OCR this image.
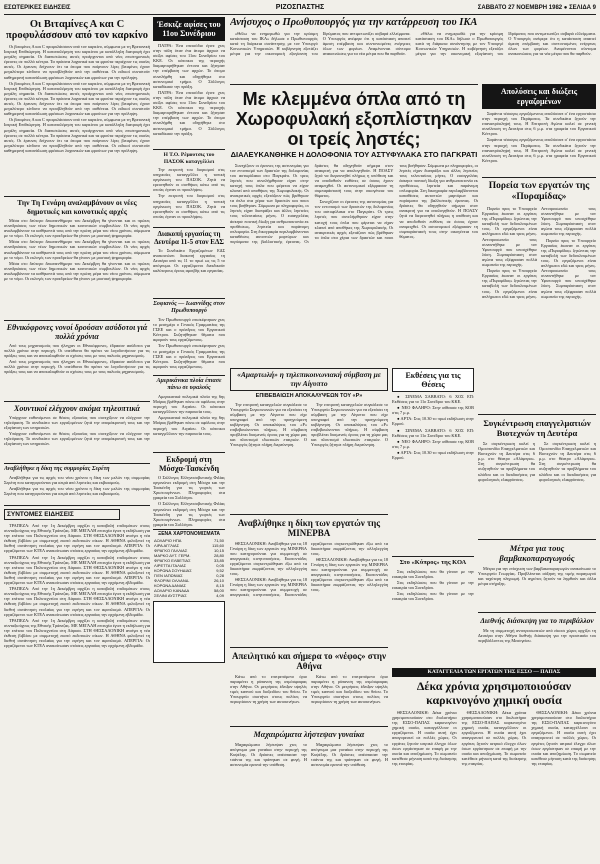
ΕΣΩΤΕΡΙΚΕΣ ΕΙΔΗΣΕΙΣ	ΡΙΖΟΣΠΑΣΤΗΣ	ΣΑΒΒΑΤΟ 27 ΝΟΕΜΒΡΗ 1982 ● ΣΕΛΙΔΑ 9
Οι Βιταμίνες Α και C προφυλάσσουν από τον καρκίνο

Οι βιταμίνες Α και C προφυλάσσουν από τον καρκίνο, σύμφωνα με τη Βρετανική Ιατρική Επιθεώρηση. Η καταπολέμηση του καρκίνου με κατάλληλη διατροφή έχει μεγάλη σημασία. Οι διαπιστώσεις αυτές προέρχονται από νέες επιστημονικές έρευνες σε πολλά κέντρα. Τα πράσινα λαχανικά και τα φρούτα περιέχουν τις ουσίες αυτές. Οι έρευνες δείχνουν ότι τα άτομα που παίρνουν λίγες βιταμίνες έχουν μεγαλύτερο κίνδυνο να προσβληθούν από την ασθένεια. Οι ειδικοί συνιστούν καθημερινή κατανάλωση φρέσκων λαχανικών και φρούτων για την πρόληψη.

Οι βιταμίνες Α και C προφυλάσσουν από τον καρκίνο, σύμφωνα με τη Βρετανική Ιατρική Επιθεώρηση. Η καταπολέμηση του καρκίνου με κατάλληλη διατροφή έχει μεγάλη σημασία. Οι διαπιστώσεις αυτές προέρχονται από νέες επιστημονικές έρευνες σε πολλά κέντρα. Τα πράσινα λαχανικά και τα φρούτα περιέχουν τις ουσίες αυτές. Οι έρευνες δείχνουν ότι τα άτομα που παίρνουν λίγες βιταμίνες έχουν μεγαλύτερο κίνδυνο να προσβληθούν από την ασθένεια. Οι ειδικοί συνιστούν καθημερινή κατανάλωση φρέσκων λαχανικών και φρούτων για την πρόληψη.

Οι βιταμίνες Α και C προφυλάσσουν από τον καρκίνο, σύμφωνα με τη Βρετανική Ιατρική Επιθεώρηση. Η καταπολέμηση του καρκίνου με κατάλληλη διατροφή έχει μεγάλη σημασία. Οι διαπιστώσεις αυτές προέρχονται από νέες επιστημονικές έρευνες σε πολλά κέντρα. Τα πράσινα λαχανικά και τα φρούτα περιέχουν τις ουσίες αυτές. Οι έρευνες δείχνουν ότι τα άτομα που παίρνουν λίγες βιταμίνες έχουν μεγαλύτερο κίνδυνο να προσβληθούν από την ασθένεια. Οι ειδικοί συνιστούν καθημερινή κατανάλωση φρέσκων λαχανικών και φρούτων για την πρόληψη.

Την Τη Γενάρη αναλαμβάνουν οι νέες δημοτικές και κοινοτικές αρχές

Μέσα στο δεύτερο δεκαπενθήμερο του Δεκέμβρη θα γίνονται και οι πρώτες συνεδριάσεις των νέων δημοτικών και κοινοτικών συμβουλίων. Οι νέες αρχές αναλαμβάνουν τα καθήκοντά τους από την πρώτη μέρα του νέου χρόνου, σύμφωνα με το νόμο. Οι εκλογές των προεδρείων θα γίνουν με μυστική ψηφοφορία.

Μέσα στο δεύτερο δεκαπενθήμερο του Δεκέμβρη θα γίνονται και οι πρώτες συνεδριάσεις των νέων δημοτικών και κοινοτικών συμβουλίων. Οι νέες αρχές αναλαμβάνουν τα καθήκοντά τους από την πρώτη μέρα του νέου χρόνου, σύμφωνα με το νόμο. Οι εκλογές των προεδρείων θα γίνουν με μυστική ψηφοφορία.

Μέσα στο δεύτερο δεκαπενθήμερο του Δεκέμβρη θα γίνονται και οι πρώτες συνεδριάσεις των νέων δημοτικών και κοινοτικών συμβουλίων. Οι νέες αρχές αναλαμβάνουν τα καθήκοντά τους από την πρώτη μέρα του νέου χρόνου, σύμφωνα με το νόμο. Οι εκλογές των προεδρείων θα γίνουν με μυστική ψηφοφορία.

Εθνικόφρονες νονοί δρούσαν ασύδοτοι γιά πολλά χρόνια

Από τους μηχανισμούς που ήλεγχαν οι Εθνικόφρονες, έδρασαν ασύδοτοι για πολλά χρόνια στην περιοχή. Οι υπεύθυνοι θα πρέπει να λογοδοτήσουν για τις πράξεις τους και να αποκαλυφθούν οι σχέσεις τους με τους παλιούς μηχανισμούς.

Από τους μηχανισμούς που ήλεγχαν οι Εθνικόφρονες, έδρασαν ασύδοτοι για πολλά χρόνια στην περιοχή. Οι υπεύθυνοι θα πρέπει να λογοδοτήσουν για τις πράξεις τους και να αποκαλυφθούν οι σχέσεις τους με τους παλιούς μηχανισμούς.

Χουντικοί ελέγχουν ακόμα τηλεοπτικά

Υπάρχουν ευθυνόμενοι σε θέσεις εξουσίας που συνεχίζουν να ελέγχουν την τηλεόραση. Το συνδικάτο των εργαζομένων ζητά την απομάκρυνσή τους και την εξυγίανση των υπηρεσιών.

Υπάρχουν ευθυνόμενοι σε θέσεις εξουσίας που συνεχίζουν να ελέγχουν την τηλεόραση. Το συνδικάτο των εργαζομένων ζητά την απομάκρυνσή τους και την εξυγίανση των υπηρεσιών.

Αναβλήθηκε η δίκη της συμμορίας Σερέτη

Αναβλήθηκε για τις αρχές του νέου χρόνου η δίκη των μελών της συμμορίας Σερέτη που κατηγορούνται για σειρά από ληστείες και εκβιασμούς.

Αναβλήθηκε για τις αρχές του νέου χρόνου η δίκη των μελών της συμμορίας Σερέτη που κατηγορούνται για σειρά από ληστείες και εκβιασμούς.

ΣΥΝΤΟΜΕΣ ΕΙΔΗΣΕΙΣ

ΤΡΑΠΕΖΑ: Από την 1η Δεκέμβρη αρχίζει η καταβολή επιδομάτων στους συνταξιούχους της Εθνικής Τράπεζας. ΜΕ ΜΕΓΑΛΗ επιτυχία έγινε η εκδήλωση για την επέτειο του Πολυτεχνείου στη Λάρισα. ΣΤΗ ΘΕΣΣΑΛΟΝΙΚΗ ανοίγει η νέα έκθεση βιβλίου με συμμετοχή εκατό εκδοτικών οίκων. Η ΑΘΗΝΑ φιλοξενεί τη διεθνή συνάντηση νεολαίας για την ειρήνη και τον αφοπλισμό. ΑΠΕΡΓΙΑ: Οι εργαζόμενοι των ΚΤΕΛ ανακοίνωσαν στάσεις εργασίας την ερχόμενη εβδομάδα.

ΤΡΑΠΕΖΑ: Από την 1η Δεκέμβρη αρχίζει η καταβολή επιδομάτων στους συνταξιούχους της Εθνικής Τράπεζας. ΜΕ ΜΕΓΑΛΗ επιτυχία έγινε η εκδήλωση για την επέτειο του Πολυτεχνείου στη Λάρισα. ΣΤΗ ΘΕΣΣΑΛΟΝΙΚΗ ανοίγει η νέα έκθεση βιβλίου με συμμετοχή εκατό εκδοτικών οίκων. Η ΑΘΗΝΑ φιλοξενεί τη διεθνή συνάντηση νεολαίας για την ειρήνη και τον αφοπλισμό. ΑΠΕΡΓΙΑ: Οι εργαζόμενοι των ΚΤΕΛ ανακοίνωσαν στάσεις εργασίας την ερχόμενη εβδομάδα.

ΤΡΑΠΕΖΑ: Από την 1η Δεκέμβρη αρχίζει η καταβολή επιδομάτων στους συνταξιούχους της Εθνικής Τράπεζας. ΜΕ ΜΕΓΑΛΗ επιτυχία έγινε η εκδήλωση για την επέτειο του Πολυτεχνείου στη Λάρισα. ΣΤΗ ΘΕΣΣΑΛΟΝΙΚΗ ανοίγει η νέα έκθεση βιβλίου με συμμετοχή εκατό εκδοτικών οίκων. Η ΑΘΗΝΑ φιλοξενεί τη διεθνή συνάντηση νεολαίας για την ειρήνη και τον αφοπλισμό. ΑΠΕΡΓΙΑ: Οι εργαζόμενοι των ΚΤΕΛ ανακοίνωσαν στάσεις εργασίας την ερχόμενη εβδομάδα.

ΤΡΑΠΕΖΑ: Από την 1η Δεκέμβρη αρχίζει η καταβολή επιδομάτων στους συνταξιούχους της Εθνικής Τράπεζας. ΜΕ ΜΕΓΑΛΗ επιτυχία έγινε η εκδήλωση για την επέτειο του Πολυτεχνείου στη Λάρισα. ΣΤΗ ΘΕΣΣΑΛΟΝΙΚΗ ανοίγει η νέα έκθεση βιβλίου με συμμετοχή εκατό εκδοτικών οίκων. Η ΑΘΗΝΑ φιλοξενεί τη διεθνή συνάντηση νεολαίας για την ειρήνη και τον αφοπλισμό. ΑΠΕΡΓΙΑ: Οι εργαζόμενοι των ΚΤΕΛ ανακοίνωσαν στάσεις εργασίας την ερχόμενη εβδομάδα.

Έσκιζε αφίσες του 11ου Συνέδριου

ΠΑΤΡΑ: Ένα επεισόδιο έγινε χτες στην πόλη όταν ένα άτομο άρχισε να σκίζει αφίσες του 11ου Συνεδρίου του ΚΚΕ. Οι κάτοικοι της περιοχής διαμαρτυρήθηκαν έντονα και ζήτησαν την επέμβαση των αρχών. Το άτομο συνελήφθη και οδηγήθηκε στο αστυνομικό τμήμα. Ο Σύλλογος καταδίκασε την πράξη.

ΠΑΤΡΑ: Ένα επεισόδιο έγινε χτες στην πόλη όταν ένα άτομο άρχισε να σκίζει αφίσες του 11ου Συνεδρίου του ΚΚΕ. Οι κάτοικοι της περιοχής διαμαρτυρήθηκαν έντονα και ζήτησαν την επέμβαση των αρχών. Το άτομο συνελήφθη και οδηγήθηκε στο αστυνομικό τμήμα. Ο Σύλλογος καταδίκασε την πράξη.

Η Τ.Ο. Ρέμουτσις του ΠΑΣΟΚ καταγγέλλει

Την εκτροπή του διορισμού στις υπηρεσίες καταγγέλλει η τοπική οργάνωση του ΠΑΣΟΚ. Ζητά να ερευνηθούν οι συνθήκες κάτω από τις οποίες έγιναν οι προσλήψεις.

Την εκτροπή του διορισμού στις υπηρεσίες καταγγέλλει η τοπική οργάνωση του ΠΑΣΟΚ. Ζητά να ερευνηθούν οι συνθήκες κάτω από τις οποίες έγιναν οι προσλήψεις.

Διακοπή εργασίας τη Δευτέρα 11-5 στον ΕΔΣ

Το Συνδικάτο Εργαζομένων ΕΔΣ ανακοινώνει διακοπή εργασίας τη Δευτέρα από τις 11 το πρωί ως τις 5 το απόγευμα. Οι εργαζόμενοι διεκδικούν καλύτερους όρους αμοιβής και εργασίας.

Σοφιανός — Ιωαννίδης στον Πρωθυπουργό

Τον Πρωθυπουργό επισκέφτηκαν χτες το μεσημέρι ο Γενικός Γραμματέας της ΓΣΕΕ και ο πρόεδρος του Εργατικού Κέντρου. Συζητήθηκαν θέματα που αφορούν τους εργαζόμενους.

Τον Πρωθυπουργό επισκέφτηκαν χτες το μεσημέρι ο Γενικός Γραμματέας της ΓΣΕΕ και ο πρόεδρος του Εργατικού Κέντρου. Συζητήθηκαν θέματα που αφορούν τους εργαζόμενους.

Αμερικάνικα πλοία έπιασε πάνω σε υφαλούς

Αμερικανικά πολεμικά πλοία της 6ης Μοίρας βρέθηκαν πάνω σε υφάλους στην περιοχή του Αιγαίου. Οι κάτοικοι καταγγέλλουν την παρουσία τους.

Αμερικανικά πολεμικά πλοία της 6ης Μοίρας βρέθηκαν πάνω σε υφάλους στην περιοχή του Αιγαίου. Οι κάτοικοι καταγγέλλουν την παρουσία τους.

Εκδρομή στη Μόσχα-Τασκένδη

Ο Σύλλογος Ελληνοσοβιετικής Φιλίας οργανώνει εκδρομή στη Μόσχα και την Τασκένδη για τις γιορτές των Χριστουγέννων. Πληροφορίες στα γραφεία του Συλλόγου.

Ο Σύλλογος Ελληνοσοβιετικής Φιλίας οργανώνει εκδρομή στη Μόσχα και την Τασκένδη για τις γιορτές των Χριστουγέννων. Πληροφορίες στα γραφεία του Συλλόγου.

ΞΕΝΑ ΧΑΡΤΟΝΟΜΙΣΜΑΤΑ
ΔΟΛΑΡΙΟ ΗΠΑ	71,50
ΛΙΡΑ ΑΓΓΛΙΑΣ	115,60
ΦΡΑΓΚΟ ΓΑΛΛΙΑΣ	10,15
ΜΑΡΚΟ ΔΥΤ. ΓΕΡΜ.	28,80
ΦΡΑΓΚΟ ΕΛΒΕΤΙΑΣ	33,85
ΛΙΡΕΤΤΑ ΙΤΑΛΙΑΣ	0,05
ΚΟΡΩΝΑ ΣΟΥΗΔΙΑΣ	9,52
ΓΙΕΝ ΙΑΠΩΝΙΑΣ	0,28
ΦΛΟΡΙΝΙ ΟΛΛΑΝΔ.	26,10
ΚΟΡΩΝΑ ΔΑΝΙΑΣ	8,15
ΔΟΛΑΡΙΟ ΚΑΝΑΔΑ	58,00
ΣΕΛΙΝΙ ΑΥΣΤΡΙΑΣ	4,09
Ανήσυχος ο Πρωθυπουργός για την κατάρρευση του ΙΚΑ

«Θέλω να ενημερωθώ για την κρίσιμη κατάσταση του ΙΚΑ» δήλωσε ο Πρωθυπουργός κατά τη διάρκεια συνάντησης με τον Υπουργό Κοινωνικών Υπηρεσιών. Η κυβέρνηση εξετάζει μέτρα για την οικονομική εξυγίανση του Ιδρύματος που αντιμετωπίζει σοβαρά ελλείμματα. Ο Υπουργός ανέφερε ότι η κατάσταση απαιτεί άμεση επέμβαση και συντονισμένες ενέργειες όλων των φορέων. Αναμένονται σύντομα ανακοινώσεις για τα νέα μέτρα που θα παρθούν.

«Θέλω να ενημερωθώ για την κρίσιμη κατάσταση του ΙΚΑ» δήλωσε ο Πρωθυπουργός κατά τη διάρκεια συνάντησης με τον Υπουργό Κοινωνικών Υπηρεσιών. Η κυβέρνηση εξετάζει μέτρα για την οικονομική εξυγίανση του Ιδρύματος που αντιμετωπίζει σοβαρά ελλείμματα. Ο Υπουργός ανέφερε ότι η κατάσταση απαιτεί άμεση επέμβαση και συντονισμένες ενέργειες όλων των φορέων. Αναμένονται σύντομα ανακοινώσεις για τα νέα μέτρα που θα παρθούν.

Με κλεμμένα όπλα από τη Χωροφυλακή εξοπλίστηκαν οι τρείς ληστές;
ΔΙΑΛΕΥΚΑΝΘΗΚΕ Η ΔΟΛΟΦΟΝΙΑ ΤΟΥ ΑΣΤΥΦΥΛΑΚΑ ΣΤΟ ΠΑΓΚΡΑΤΙ

Συνεχίζουν οι έρευνες της αστυνομίας για τον εντοπισμό των δραστών της δολοφονίας του αστυφύλακα στο Παγκράτι. Οι τρεις ληστές που συνελήφθησαν είχαν στην κατοχή τους όπλα που φέρεται να είχαν κλαπεί από αποθήκες της Χωροφυλακής. Οι ανακριτικές αρχές εξετάζουν πώς βρέθηκαν τα όπλα στα χέρια των δραστών και ποιοι τους βοήθησαν. Σύμφωνα με πληροφορίες, οι ληστές είχαν διαπράξει και άλλες ληστείες τους τελευταίους μήνες. Ο εισαγγελέας άσκησε ποινική δίωξη για ανθρωποκτονία εκ προθέσεως, ληστεία και παράνομη οπλοφορία. Στη δικογραφία περιλαμβάνονται καταθέσεις αυτοπτών μαρτύρων και πορίσματα της βαλλιστικής έρευνας. Οι δράστες θα οδηγηθούν σήμερα στον ανακριτή για να απολογηθούν. Η ΠΟΑΣΥ ζητά να διερευνηθεί πλήρως η υπόθεση και να αποδοθούν ευθύνες σε όσους έχουν αναμειχθεί. Οι αστυνομικοί εξέφρασαν τη συμπαράστασή τους στην οικογένεια του θύματος.

Συνεχίζουν οι έρευνες της αστυνομίας για τον εντοπισμό των δραστών της δολοφονίας του αστυφύλακα στο Παγκράτι. Οι τρεις ληστές που συνελήφθησαν είχαν στην κατοχή τους όπλα που φέρεται να είχαν κλαπεί από αποθήκες της Χωροφυλακής. Οι ανακριτικές αρχές εξετάζουν πώς βρέθηκαν τα όπλα στα χέρια των δραστών και ποιοι τους βοήθησαν. Σύμφωνα με πληροφορίες, οι ληστές είχαν διαπράξει και άλλες ληστείες τους τελευταίους μήνες. Ο εισαγγελέας άσκησε ποινική δίωξη για ανθρωποκτονία εκ προθέσεως, ληστεία και παράνομη οπλοφορία. Στη δικογραφία περιλαμβάνονται καταθέσεις αυτοπτών μαρτύρων και πορίσματα της βαλλιστικής έρευνας. Οι δράστες θα οδηγηθούν σήμερα στον ανακριτή για να απολογηθούν. Η ΠΟΑΣΥ ζητά να διερευνηθεί πλήρως η υπόθεση και να αποδοθούν ευθύνες σε όσους έχουν αναμειχθεί. Οι αστυνομικοί εξέφρασαν τη συμπαράστασή τους στην οικογένεια του θύματος.

Απολύσεις και διώξεις εργαζομένων

Σαράντα τέσσερις εργαζόμενους απολύσανε σ' ένα εργοστάσιο στην περιοχή του Περάματος. Τα συνδικάτα ζητούν την επαναπρόσληψή τους. Η Επιτροπή Αγώνα καλεί σε γενική συνέλευση τη Δευτέρα στις 6 μ.μ. στα γραφεία του Εργατικού Κέντρου.

Σαράντα τέσσερις εργαζόμενους απολύσανε σ' ένα εργοστάσιο στην περιοχή του Περάματος. Τα συνδικάτα ζητούν την επαναπρόσληψή τους. Η Επιτροπή Αγώνα καλεί σε γενική συνέλευση τη Δευτέρα στις 6 μ.μ. στα γραφεία του Εργατικού Κέντρου.

Πορεία των εργατών της «Πυραμίδας»

Πορεία προς το Υπουργείο Εργασίας έκαναν οι εργάτες της «Πυραμίδας» ζητώντας την καταβολή των δεδουλευμένων τους. Οι εργαζόμενοι είναι απλήρωτοι εδώ και τρεις μήνες. Αντιπροσωπεία τους συναντήθηκε με τον Υφυπουργό που υποσχέθηκε λύση. Συμπαράσταση στον αγώνα τους εξέφρασαν πολλά σωματεία της περιοχής.

Πορεία προς το Υπουργείο Εργασίας έκαναν οι εργάτες της «Πυραμίδας» ζητώντας την καταβολή των δεδουλευμένων τους. Οι εργαζόμενοι είναι απλήρωτοι εδώ και τρεις μήνες. Αντιπροσωπεία τους συναντήθηκε με τον Υφυπουργό που υποσχέθηκε λύση. Συμπαράσταση στον αγώνα τους εξέφρασαν πολλά σωματεία της περιοχής.

Πορεία προς το Υπουργείο Εργασίας έκαναν οι εργάτες της «Πυραμίδας» ζητώντας την καταβολή των δεδουλευμένων τους. Οι εργαζόμενοι είναι απλήρωτοι εδώ και τρεις μήνες. Αντιπροσωπεία τους συναντήθηκε με τον Υφυπουργό που υποσχέθηκε λύση. Συμπαράσταση στον αγώνα τους εξέφρασαν πολλά σωματεία της περιοχής.

«Αμαρτωλή» η τηλεπικοινωνιακή σύμβαση με την Αίγυπτο
ΕΠΙΒΕΒΑΙΩΣΗ ΑΠΟΚΑΛΥΨΕΩΝ ΤΟΥ «Ρ»

Την επιτροπή καταγγελιών συγκάλεσε το Υπουργείο Συγκοινωνιών για να εξετάσει τη σύμβαση με την Αίγυπτο που είχε υπογραφεί από την προηγούμενη κυβέρνηση. Οι αποκαλύψεις του «Ρ» επιβεβαιώνονται πλήρως. Η σύμβαση προβλέπει δυσμενείς όρους για τη χώρα μας και πλουτισμό ιδιωτικών εταιριών. Ο Υπουργός ζήτησε πλήρη διερεύνηση.

Την επιτροπή καταγγελιών συγκάλεσε το Υπουργείο Συγκοινωνιών για να εξετάσει τη σύμβαση με την Αίγυπτο που είχε υπογραφεί από την προηγούμενη κυβέρνηση. Οι αποκαλύψεις του «Ρ» επιβεβαιώνονται πλήρως. Η σύμβαση προβλέπει δυσμενείς όρους για τη χώρα μας και πλουτισμό ιδιωτικών εταιριών. Ο Υπουργός ζήτησε πλήρη διερεύνηση.

Αναβλήθηκε η δίκη των εργατών της ΜΙΝΕΡΒΑ

ΘΕΣΣΑΛΟΝΙΚΗ: Αναβλήθηκε για τις 18 Γενάρη η δίκη των εργατών της ΜΙΝΕΡΒΑ που κατηγορούνται για συμμετοχή σε απεργιακές κινητοποιήσεις. Εκατοντάδες εργαζόμενοι συγκεντρώθηκαν έξω από τα δικαστήρια εκφράζοντας την αλληλεγγύη τους.

ΘΕΣΣΑΛΟΝΙΚΗ: Αναβλήθηκε για τις 18 Γενάρη η δίκη των εργατών της ΜΙΝΕΡΒΑ που κατηγορούνται για συμμετοχή σε απεργιακές κινητοποιήσεις. Εκατοντάδες εργαζόμενοι συγκεντρώθηκαν έξω από τα δικαστήρια εκφράζοντας την αλληλεγγύη τους.

ΘΕΣΣΑΛΟΝΙΚΗ: Αναβλήθηκε για τις 18 Γενάρη η δίκη των εργατών της ΜΙΝΕΡΒΑ που κατηγορούνται για συμμετοχή σε απεργιακές κινητοποιήσεις. Εκατοντάδες εργαζόμενοι συγκεντρώθηκαν έξω από τα δικαστήρια εκφράζοντας την αλληλεγγύη τους.

Απειλητικό και σήμερα το «νέφος» στην Αθήνα

Κάτω από το επιτρεπόμενο όριο παραμένει η ρύπανση της ατμόσφαιρας στην Αθήνα. Οι μετρήσεις έδειξαν υψηλές τιμές καπνού και διοξειδίου του θείου. Το Υπουργείο συστήνει στους πολίτες να περιορίσουν τη χρήση των αυτοκινήτων.

Κάτω από το επιτρεπόμενο όριο παραμένει η ρύπανση της ατμόσφαιρας στην Αθήνα. Οι μετρήσεις έδειξαν υψηλές τιμές καπνού και διοξειδίου του θείου. Το Υπουργείο συστήνει στους πολίτες να περιορίσουν τη χρήση των αυτοκινήτων.

Μαχαιρώματα λήστεψαν γυναίκα

Μαχαιρώματα λήστεψαν χτες το απόγευμα μια γυναίκα στην περιοχή της Κυψέλης. Οι δράστες απέσπασαν την τσάντα της και τράπηκαν σε φυγή. Η αστυνομία ερευνά την υπόθεση.

Μαχαιρώματα λήστεψαν χτες το απόγευμα μια γυναίκα στην περιοχή της Κυψέλης. Οι δράστες απέσπασαν την τσάντα της και τράπηκαν σε φυγή. Η αστυνομία ερευνά την υπόθεση.

Εκθέσεις για τις Θέσεις

● ΣΙΝΕΜΑ ΣΑΒΒΑΤΟ: 6 ΧΟΣ ΕΠ: Εκθέσεις για το 11ο Συνέδριο του ΚΚΕ.

● ΝΕΟ ΦΑΛΗΡΟ: Στην αίθουσα της ΚΟΒ στις 7 μ.μ.

● ΑΡΤΑ: Στις 10.30 το πρωί εκδήλωση στην Ερμού.

● ΣΙΝΕΜΑ ΣΑΒΒΑΤΟ: 6 ΧΟΣ ΕΠ: Εκθέσεις για το 11ο Συνέδριο του ΚΚΕ.

● ΝΕΟ ΦΑΛΗΡΟ: Στην αίθουσα της ΚΟΒ στις 7 μ.μ.

● ΑΡΤΑ: Στις 10.30 το πρωί εκδήλωση στην Ερμού.

Στο «Κύπρος» της ΚΟΑ

Στις εκδηλώσεις που θα γίνουν με την ευκαιρία του Συνεδρίου.

Στις εκδηλώσεις που θα γίνουν με την ευκαιρία του Συνεδρίου.

Στις εκδηλώσεις που θα γίνουν με την ευκαιρία του Συνεδρίου.

Συγκέντρωση επαγγελματιών Βιοτεχνών τη Δευτέρα

Σε συγκέντρωση καλεί η Ομοσπονδία Επαγγελματιών και Βιοτεχνών τη Δευτέρα στις 6 μ.μ. στο θέατρο «Αλάμπρα». Στη συγκέντρωση θα συζητηθούν τα προβλήματα του κλάδου και οι διεκδικήσεις για φορολογικές ελαφρύνσεις.

Σε συγκέντρωση καλεί η Ομοσπονδία Επαγγελματιών και Βιοτεχνών τη Δευτέρα στις 6 μ.μ. στο θέατρο «Αλάμπρα». Στη συγκέντρωση θα συζητηθούν τα προβλήματα του κλάδου και οι διεκδικήσεις για φορολογικές ελαφρύνσεις.

Μέτρα για τους βαμβακοπαραγωγούς

Μέτρα για την ενίσχυση των βαμβακοπαραγωγών ανακοίνωσε το Υπουργείο Γεωργίας. Προβλέπεται αύξηση της τιμής παραγωγού και ταχύτερη πληρωμή. Οι αγρότες ζητούν να ληφθούν και άλλα μέτρα στήριξης.

Διεθνής διάσκεψη για το περιβάλλον

Με τη συμμετοχή αντιπροσωπειών από είκοσι χώρες αρχίζει τη Δευτέρα στην Αθήνα διεθνής διάσκεψη για την προστασία του περιβάλλοντος της Μεσογείου.

ΚΑΤΑΓΓΕΛΙΑ ΤΩΝ ΕΡΓΑΤΩΝ ΤΗΣ ΕΣΣΟ — ΠΑΠΑΣ
Δέκα χρόνια χρησιμοποιούσαν καρκινογόνο χημική ουσία

ΘΕΣΣΑΛΟΝΙΚΗ: Δέκα χρόνια χρησιμοποιούσαν στο διυλιστήριο της ΕΣΣΟ-ΠΑΠΑΣ καρκινογόνο χημική ουσία, καταγγέλλουν οι εργαζόμενοι. Η ουσία αυτή έχει απαγορευτεί σε πολλές χώρες. Οι εργάτες ζητούν ιατρικό έλεγχο όλων όσων εργάστηκαν σε επαφή με την ουσία και αποζημίωση. Το σωματείο κατέθεσε μήνυση κατά της διοίκησης της εταιρίας.

ΘΕΣΣΑΛΟΝΙΚΗ: Δέκα χρόνια χρησιμοποιούσαν στο διυλιστήριο της ΕΣΣΟ-ΠΑΠΑΣ καρκινογόνο χημική ουσία, καταγγέλλουν οι εργαζόμενοι. Η ουσία αυτή έχει απαγορευτεί σε πολλές χώρες. Οι εργάτες ζητούν ιατρικό έλεγχο όλων όσων εργάστηκαν σε επαφή με την ουσία και αποζημίωση. Το σωματείο κατέθεσε μήνυση κατά της διοίκησης της εταιρίας.

ΘΕΣΣΑΛΟΝΙΚΗ: Δέκα χρόνια χρησιμοποιούσαν στο διυλιστήριο της ΕΣΣΟ-ΠΑΠΑΣ καρκινογόνο χημική ουσία, καταγγέλλουν οι εργαζόμενοι. Η ουσία αυτή έχει απαγορευτεί σε πολλές χώρες. Οι εργάτες ζητούν ιατρικό έλεγχο όλων όσων εργάστηκαν σε επαφή με την ουσία και αποζημίωση. Το σωματείο κατέθεσε μήνυση κατά της διοίκησης της εταιρίας.
